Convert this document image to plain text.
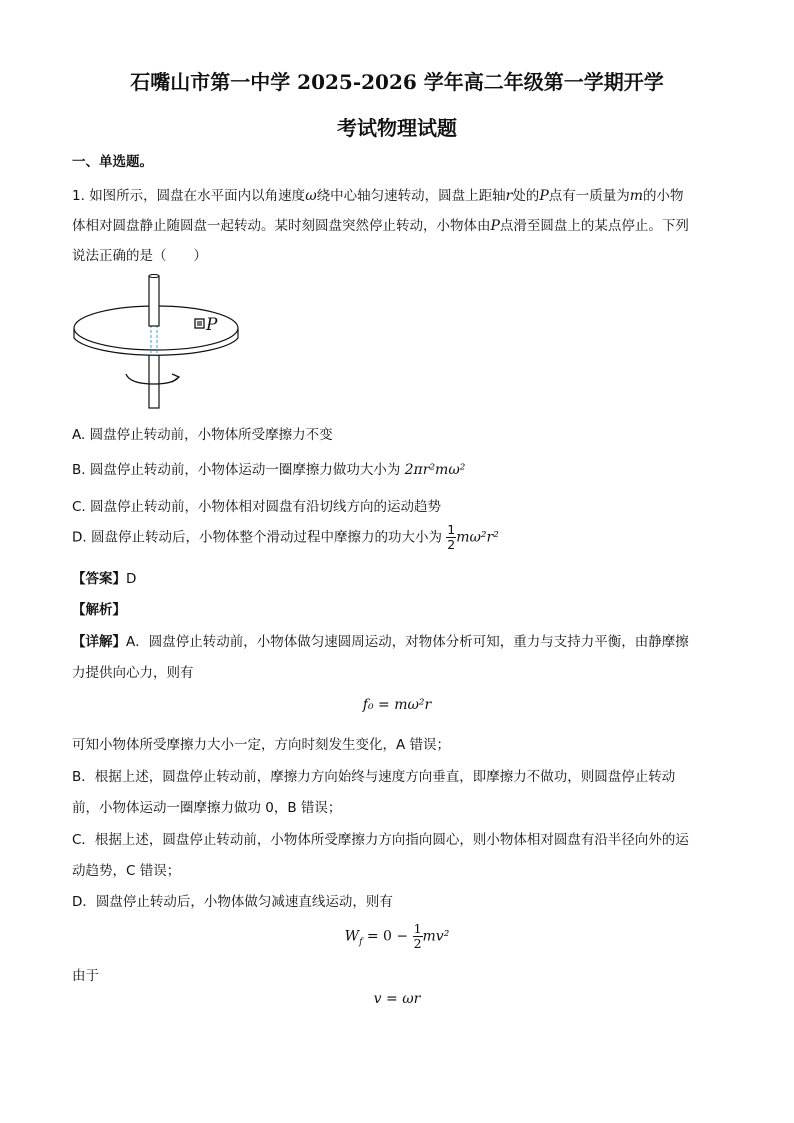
石嘴山市第一中学 2025-2026 学年高二年级第一学期开学
考试物理试题
一、单选题。
1. 如图所示，圆盘在水平面内以角速度ω绕中心轴匀速转动，圆盘上距轴r处的P点有一质量为m的小物
体相对圆盘静止随圆盘一起转动。某时刻圆盘突然停止转动，小物体由P点滑至圆盘上的某点停止。下列
说法正确的是（　　）
P
A. 圆盘停止转动前，小物体所受摩擦力不变
B. 圆盘停止转动前，小物体运动一圈摩擦力做功大小为 2πr²mω²
C. 圆盘停止转动前，小物体相对圆盘有沿切线方向的运动趋势
D. 圆盘停止转动后，小物体整个滑动过程中摩擦力的功大小为 $\frac{1}{2} m\omega^2r^2$
【答案】D
【解析】
【详解】A．圆盘停止转动前，小物体做匀速圆周运动，对物体分析可知，重力与支持力平衡，由静摩擦
力提供向心力，则有
f₀ = mω²r
可知小物体所受摩擦力大小一定，方向时刻发生变化，A 错误；
B．根据上述，圆盘停止转动前，摩擦力方向始终与速度方向垂直，即摩擦力不做功，则圆盘停止转动
前，小物体运动一圈摩擦力做功 0，B 错误；
C．根据上述，圆盘停止转动前，小物体所受摩擦力方向指向圆心，则小物体相对圆盘有沿半径向外的运
动趋势，C 错误；
D．圆盘停止转动后，小物体做匀减速直线运动，则有
$W_f = 0 - \frac{1}{2} mv^2$
由于
v = ωr
